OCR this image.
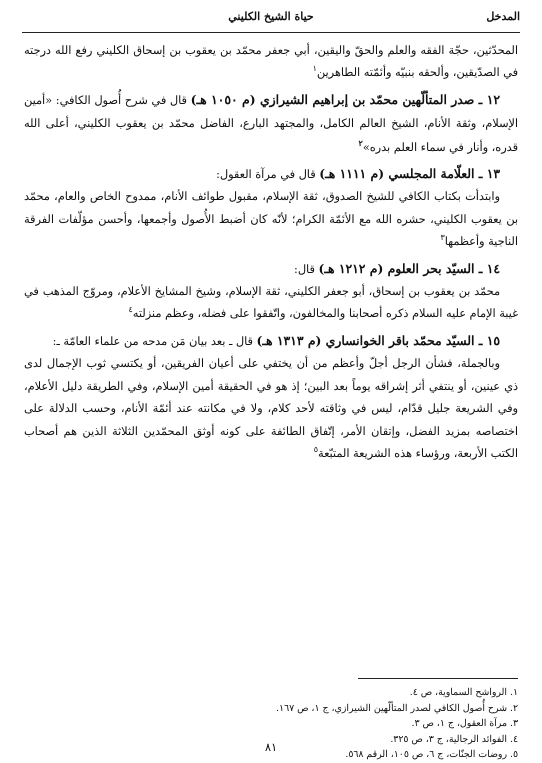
المدخل
حياة الشيخ الكليني

المحدّثين، حجّة الفقه والعلم والحقّ واليقين، أبي جعفر محمّد بن يعقوب بن إسحاق الكليني رفع الله درجته في الصدّيقين، وألحقه بنبيّه وأئمّته الطاهرين$^١$

١٢ ـ صدر المتألّهين محمّد بن إبراهيم الشيرازي (م ١٠٥٠ هـ) قال في شرح أُصول الكافي: «أمين الإسلام، وثقة الأنام، الشيخ العالم الكامل، والمجتهد البارع، الفاضل محمّد بن يعقوب الكليني، أعلى الله قدره، وأنار في سماء العلم بدره»$^٢$

١٣ ـ العلّامة المجلسي (م ١١١١ هـ) قال في مرآة العقول:

وابتدأت بكتاب الكافي للشيخ الصدوق، ثقة الإسلام، مقبول طوائف الأنام، ممدوح الخاص والعام، محمّد بن يعقوب الكليني، حشره الله مع الأئمّة الكرام؛ لأنّه كان أضبط الأُصول وأجمعها، وأحسن مؤلّفات الفرقة الناجية وأعظمها$^٣$

١٤ ـ السيّد بحر العلوم (م ١٢١٢ هـ) قال:

محمّد بن يعقوب بن إسحاق، أبو جعفر الكليني، ثقة الإسلام، وشيخ المشايخ الأعلام، ومروّج المذهب في غيبة الإمام عليه السلام ذكره أصحابنا والمخالفون، واتّفقوا على فضله، وعظم منزلته$^٤$

١٥ ـ السيّد محمّد باقر الخوانساري (م ١٣١٣ هـ) قال ـ بعد بيان مَن مدحه من علماء العامّة ـ:

وبالجملة، فشأن الرجل أجلّ وأعظم من أن يختفي على أعيان الفريقين، أو يكتسي ثوب الإجمال لدى ذي عينين، أو ينتفي أثر إشراقه يوماً بعد البين؛ إذ هو في الحقيقة أمين الإسلام، وفي الطريقة دليل الأعلام، وفي الشريعة جليل قدّام، ليس في وثاقته لأحد كلام، ولا في مكانته عند أئمّة الأنام، وحسب الدلالة على اختصاصه بمزيد الفضل، وإتقان الأمر، إتّفاق الطائفة على كونه أوثق المحمّدين الثلاثة الذين هم أصحاب الكتب الأربعة، ورؤساء هذه الشريعة المتبّعة$^٥$

١. الرواشح السماوية، ص ٤.

٢. شرح أُصول الكافي لصدر المتألّهين الشيرازي، ج ١، ص ١٦٧.

٣. مرآة العقول، ج ١، ص ٣.

٤. الفوائد الرجالية، ج ٣، ص ٣٢٥.

٥. روضات الجنّات، ج ٦، ص ١٠٥، الرقم ٥٦٨.

٨١
